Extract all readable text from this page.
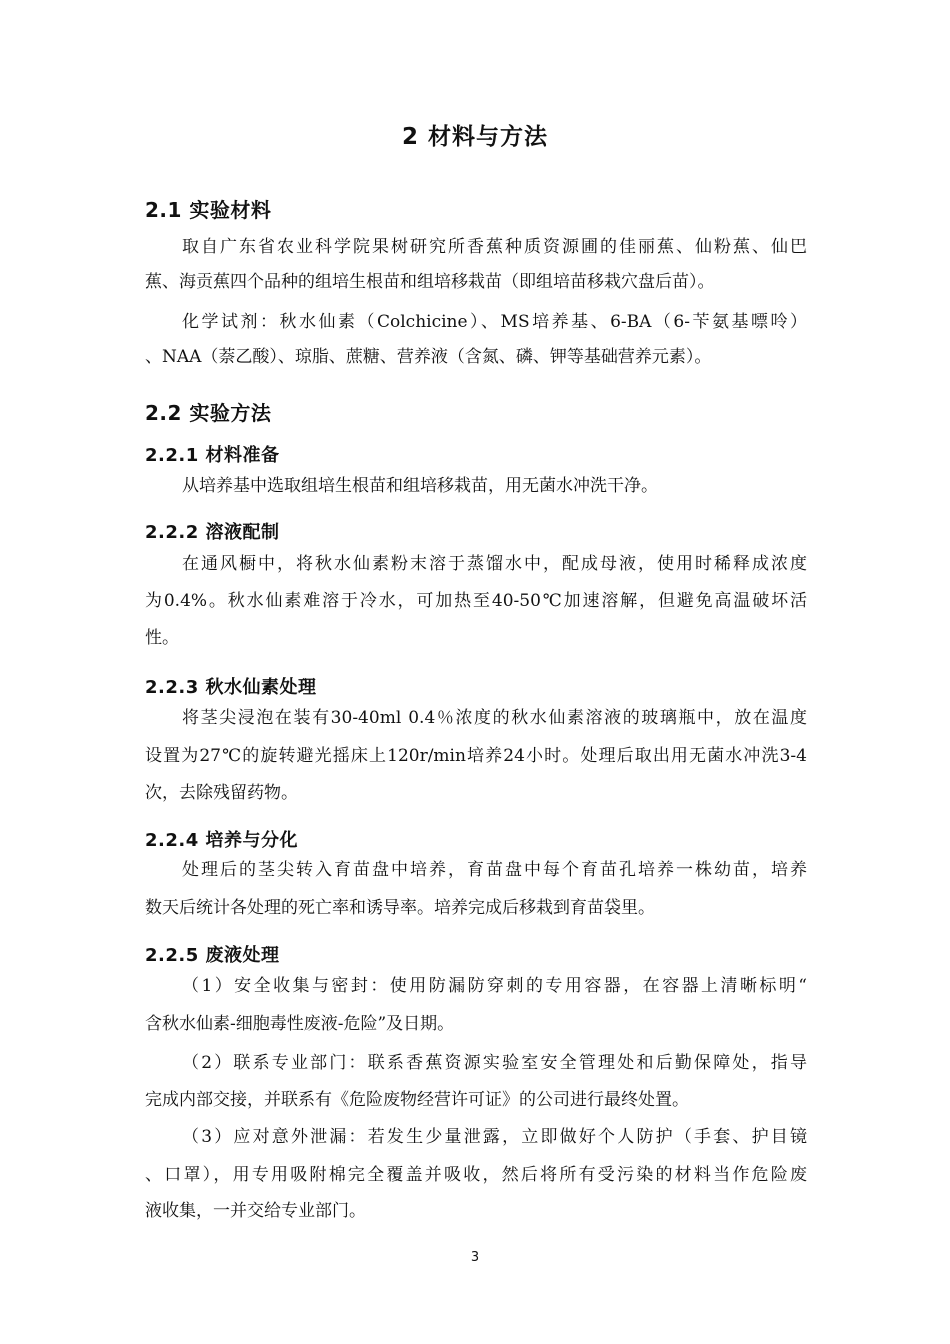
2 材料与方法
2.1 实验材料
取自广东省农业科学院果树研究所香蕉种质资源圃的佳丽蕉、仙粉蕉、仙巴
蕉、海贡蕉四个品种的组培生根苗和组培移栽苗（即组培苗移栽穴盘后苗）。
化学试剂：秋水仙素（Colchicine）、MS培养基、6-BA（6-苄氨基嘌呤）
、NAA（萘乙酸）、琼脂、蔗糖、营养液（含氮、磷、钾等基础营养元素）。
2.2 实验方法
2.2.1 材料准备
从培养基中选取组培生根苗和组培移栽苗，用无菌水冲洗干净。
2.2.2 溶液配制
在通风橱中，将秋水仙素粉末溶于蒸馏水中，配成母液，使用时稀释成浓度
为0.4%。秋水仙素难溶于冷水，可加热至40-50℃加速溶解，但避免高温破坏活
性。
2.2.3 秋水仙素处理
将茎尖浸泡在装有30-40ml 0.4％浓度的秋水仙素溶液的玻璃瓶中，放在温度
设置为27℃的旋转避光摇床上120r/min培养24小时。处理后取出用无菌水冲洗3-4
次，去除残留药物。
2.2.4 培养与分化
处理后的茎尖转入育苗盘中培养，育苗盘中每个育苗孔培养一株幼苗，培养
数天后统计各处理的死亡率和诱导率。培养完成后移栽到育苗袋里。
2.2.5 废液处理
（1）安全收集与密封：使用防漏防穿刺的专用容器，在容器上清晰标明“
含秋水仙素-细胞毒性废液-危险”及日期。
（2）联系专业部门：联系香蕉资源实验室安全管理处和后勤保障处，指导
完成内部交接，并联系有《危险废物经营许可证》的公司进行最终处置。
（3）应对意外泄漏：若发生少量泄露，立即做好个人防护（手套、护目镜
、口罩），用专用吸附棉完全覆盖并吸收，然后将所有受污染的材料当作危险废
液收集，一并交给专业部门。
3
